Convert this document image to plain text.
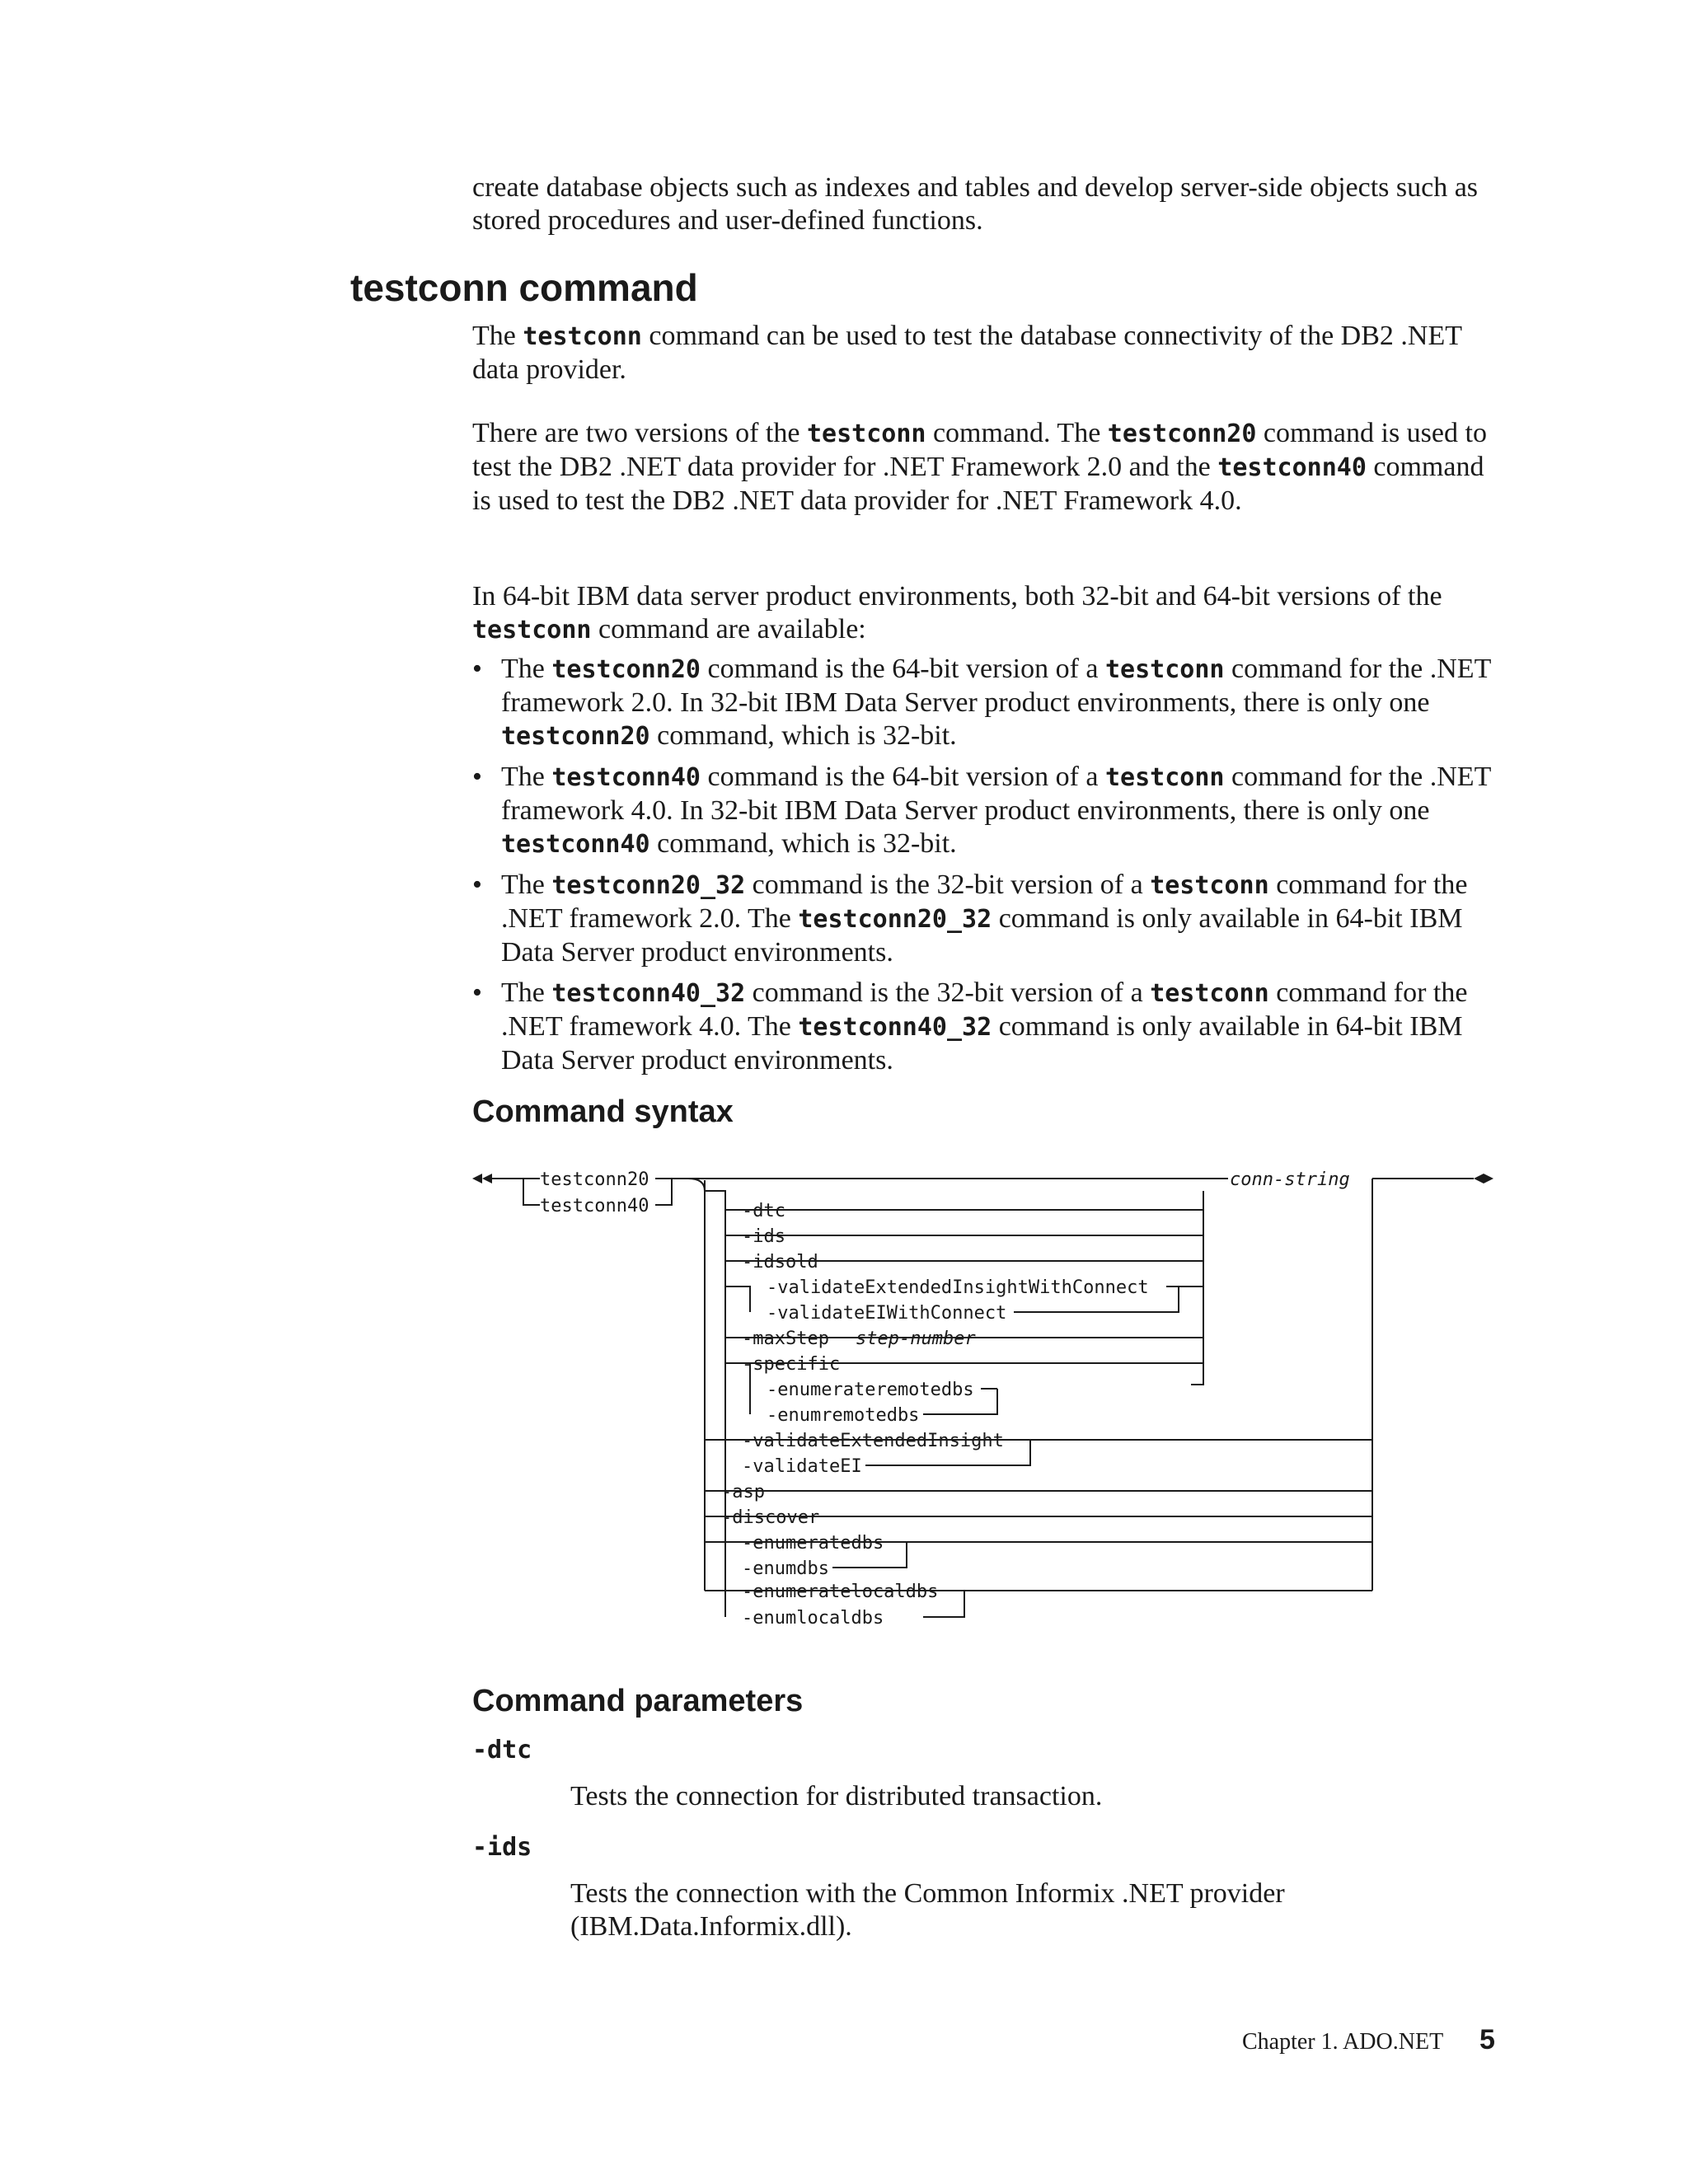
create database objects such as indexes and tables and develop server-side objects such as stored procedures and user-defined functions.

testconn command

The testconn command can be used to test the database connectivity of the DB2 .NET data provider.

There are two versions of the testconn command. The testconn20 command is used to test the DB2 .NET data provider for .NET Framework 2.0 and the testconn40 command is used to test the DB2 .NET data provider for .NET Framework 4.0.

In 64-bit IBM data server product environments, both 32-bit and 64-bit versions of the testconn command are available:

• The testconn20 command is the 64-bit version of a testconn command for the .NET framework 2.0. In 32-bit IBM Data Server product environments, there is only one testconn20 command, which is 32-bit.
• The testconn40 command is the 64-bit version of a testconn command for the .NET framework 4.0. In 32-bit IBM Data Server product environments, there is only one testconn40 command, which is 32-bit.
• The testconn20_32 command is the 32-bit version of a testconn command for the .NET framework 2.0. The testconn20_32 command is only available in 64-bit IBM Data Server product environments.
• The testconn40_32 command is the 32-bit version of a testconn command for the .NET framework 4.0. The testconn40_32 command is only available in 64-bit IBM Data Server product environments.
Command syntax
testconn20
testconn40	-dtc
-ids
-idsold
-validateExtendedInsightWithConnect
-validateEIWithConnect
-maxStep step-number
-specific
-enumerateremotedbs
-enumremotedbs
-validateExtendedInsight
-validateEI
-asp
-discover
-enumeratedbs
-enumdbs
-enumeratelocaldbs
-enumlocaldbs
conn-string
Command parameters
-dtc

Tests the connection for distributed transaction.

-ids

Tests the connection with the Common Informix .NET provider (IBM.Data.Informix.dll).

Chapter 1. ADO.NET 5
